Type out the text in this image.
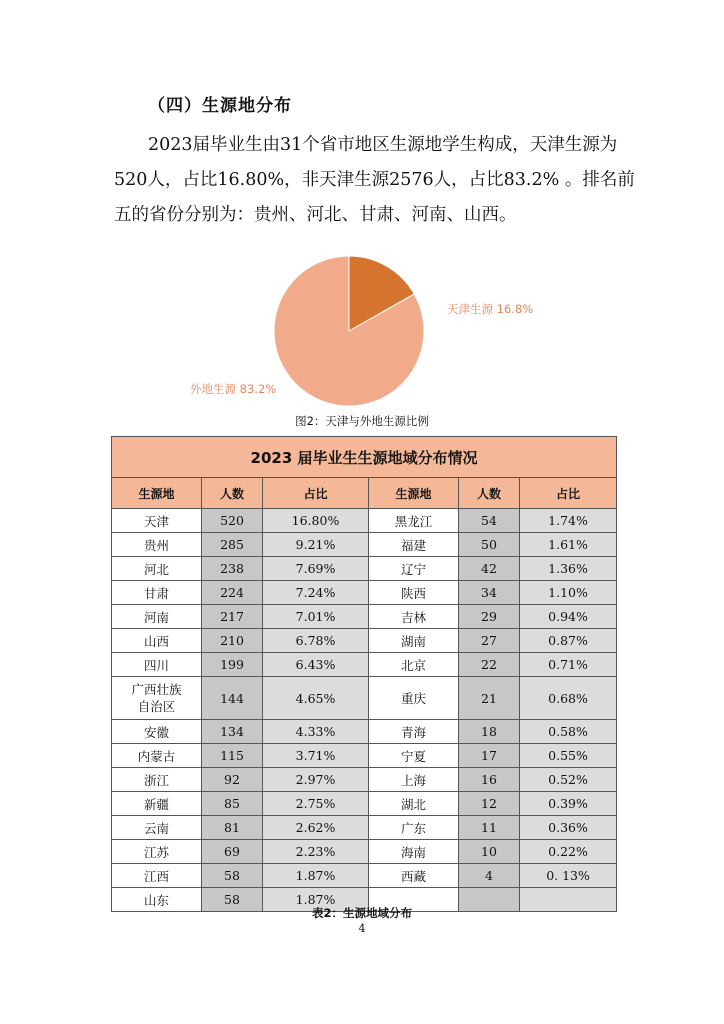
（四）生源地分布
2023届毕业生由31个省市地区生源地学生构成，天津生源为520人，占比16.80%，非天津生源2576人，占比83.2% 。排名前五的省份分别为：贵州、河北、甘肃、河南、山西。
天津生源 16.8%
外地生源 83.2%
图2：天津与外地生源比例
2023 届毕业生生源地域分布情况					
生源地	人数	占比	生源地	人数	占比
天津	520	16.80%	黑龙江	54	1.74%
贵州	285	9.21%	福建	50	1.61%
河北	238	7.69%	辽宁	42	1.36%
甘肃	224	7.24%	陕西	34	1.10%
河南	217	7.01%	吉林	29	0.94%
山西	210	6.78%	湖南	27	0.87%
四川	199	6.43%	北京	22	0.71%
广西壮族
自治区	144	4.65%	重庆	21	0.68%
安徽	134	4.33%	青海	18	0.58%
内蒙古	115	3.71%	宁夏	17	0.55%
浙江	92	2.97%	上海	16	0.52%
新疆	85	2.75%	湖北	12	0.39%
云南	81	2.62%	广东	11	0.36%
江苏	69	2.23%	海南	10	0.22%
江西	58	1.87%	西藏	4	0. 13%
山东	58	1.87%			
表2：生源地域分布
4
